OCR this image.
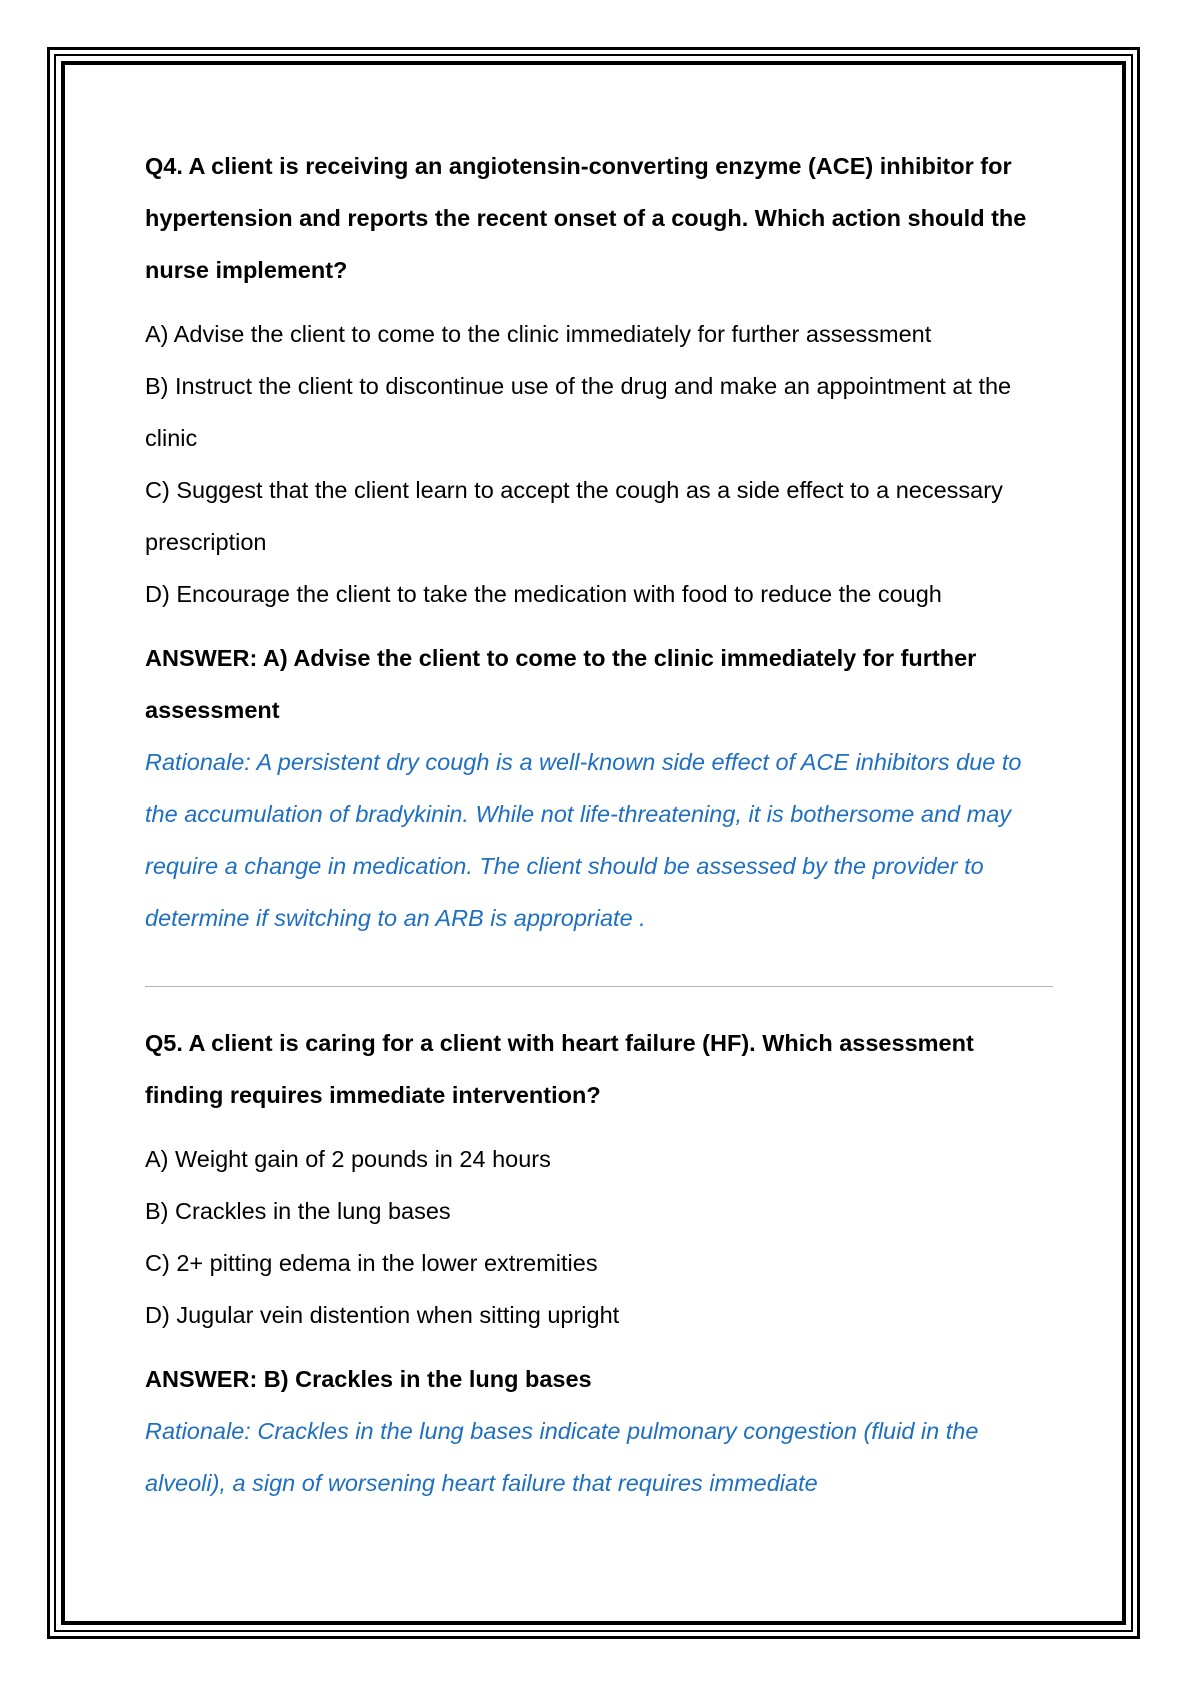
Q4. A client is receiving an angiotensin-converting enzyme (ACE) inhibitor for hypertension and reports the recent onset of a cough. Which action should the nurse implement?

A) Advise the client to come to the clinic immediately for further assessment

B) Instruct the client to discontinue use of the drug and make an appointment at the clinic

C) Suggest that the client learn to accept the cough as a side effect to a necessary prescription

D) Encourage the client to take the medication with food to reduce the cough

ANSWER: A) Advise the client to come to the clinic immediately for further assessment

Rationale: A persistent dry cough is a well-known side effect of ACE inhibitors due to the accumulation of bradykinin. While not life-threatening, it is bothersome and may require a change in medication. The client should be assessed by the provider to determine if switching to an ARB is appropriate .

Q5. A client is caring for a client with heart failure (HF). Which assessment finding requires immediate intervention?

A) Weight gain of 2 pounds in 24 hours

B) Crackles in the lung bases

C) 2+ pitting edema in the lower extremities

D) Jugular vein distention when sitting upright

ANSWER: B) Crackles in the lung bases

Rationale: Crackles in the lung bases indicate pulmonary congestion (fluid in the alveoli), a sign of worsening heart failure that requires immediate
